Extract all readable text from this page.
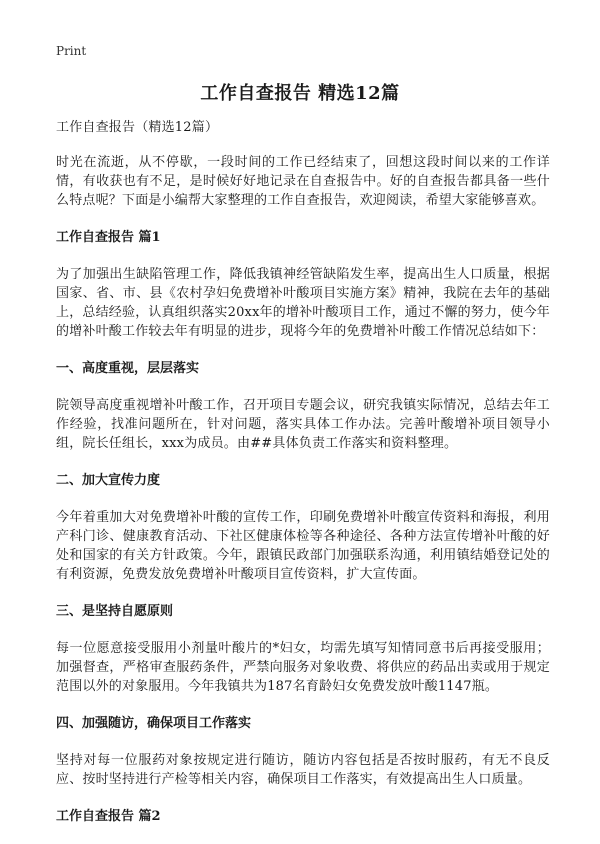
Print
工作自查报告 精选12篇

工作自查报告（精选12篇）

时光在流逝，从不停歇，一段时间的工作已经结束了，回想这段时间以来的工作详情，有收获也有不足，是时候好好地记录在自查报告中。好的自查报告都具备一些什么特点呢？下面是小编帮大家整理的工作自查报告，欢迎阅读，希望大家能够喜欢。

工作自查报告 篇1

为了加强出生缺陷管理工作，降低我镇神经管缺陷发生率，提高出生人口质量，根据国家、省、市、县《农村孕妇免费增补叶酸项目实施方案》精神，我院在去年的基础上，总结经验，认真组织落实20xx年的增补叶酸项目工作，通过不懈的努力，使今年的增补叶酸工作较去年有明显的进步，现将今年的免费增补叶酸工作情况总结如下：

一、高度重视，层层落实

院领导高度重视增补叶酸工作，召开项目专题会议，研究我镇实际情况，总结去年工作经验，找准问题所在，针对问题，落实具体工作办法。完善叶酸增补项目领导小组，院长任组长，xxx为成员。由##具体负责工作落实和资料整理。

二、加大宣传力度

今年着重加大对免费增补叶酸的宣传工作，印刷免费增补叶酸宣传资料和海报，利用产科门诊、健康教育活动、下社区健康体检等各种途径、各种方法宣传增补叶酸的好处和国家的有关方针政策。今年，跟镇民政部门加强联系沟通，利用镇结婚登记处的有利资源，免费发放免费增补叶酸项目宣传资料，扩大宣传面。

三、是坚持自愿原则

每一位愿意接受服用小剂量叶酸片的*妇女，均需先填写知情同意书后再接受服用；加强督查，严格审查服药条件，严禁向服务对象收费、将供应的药品出卖或用于规定范围以外的对象服用。今年我镇共为187名育龄妇女免费发放叶酸1147瓶。

四、加强随访，确保项目工作落实

坚持对每一位服药对象按规定进行随访，随访内容包括是否按时服药，有无不良反应、按时坚持进行产检等相关内容，确保项目工作落实，有效提高出生人口质量。

工作自查报告 篇2
